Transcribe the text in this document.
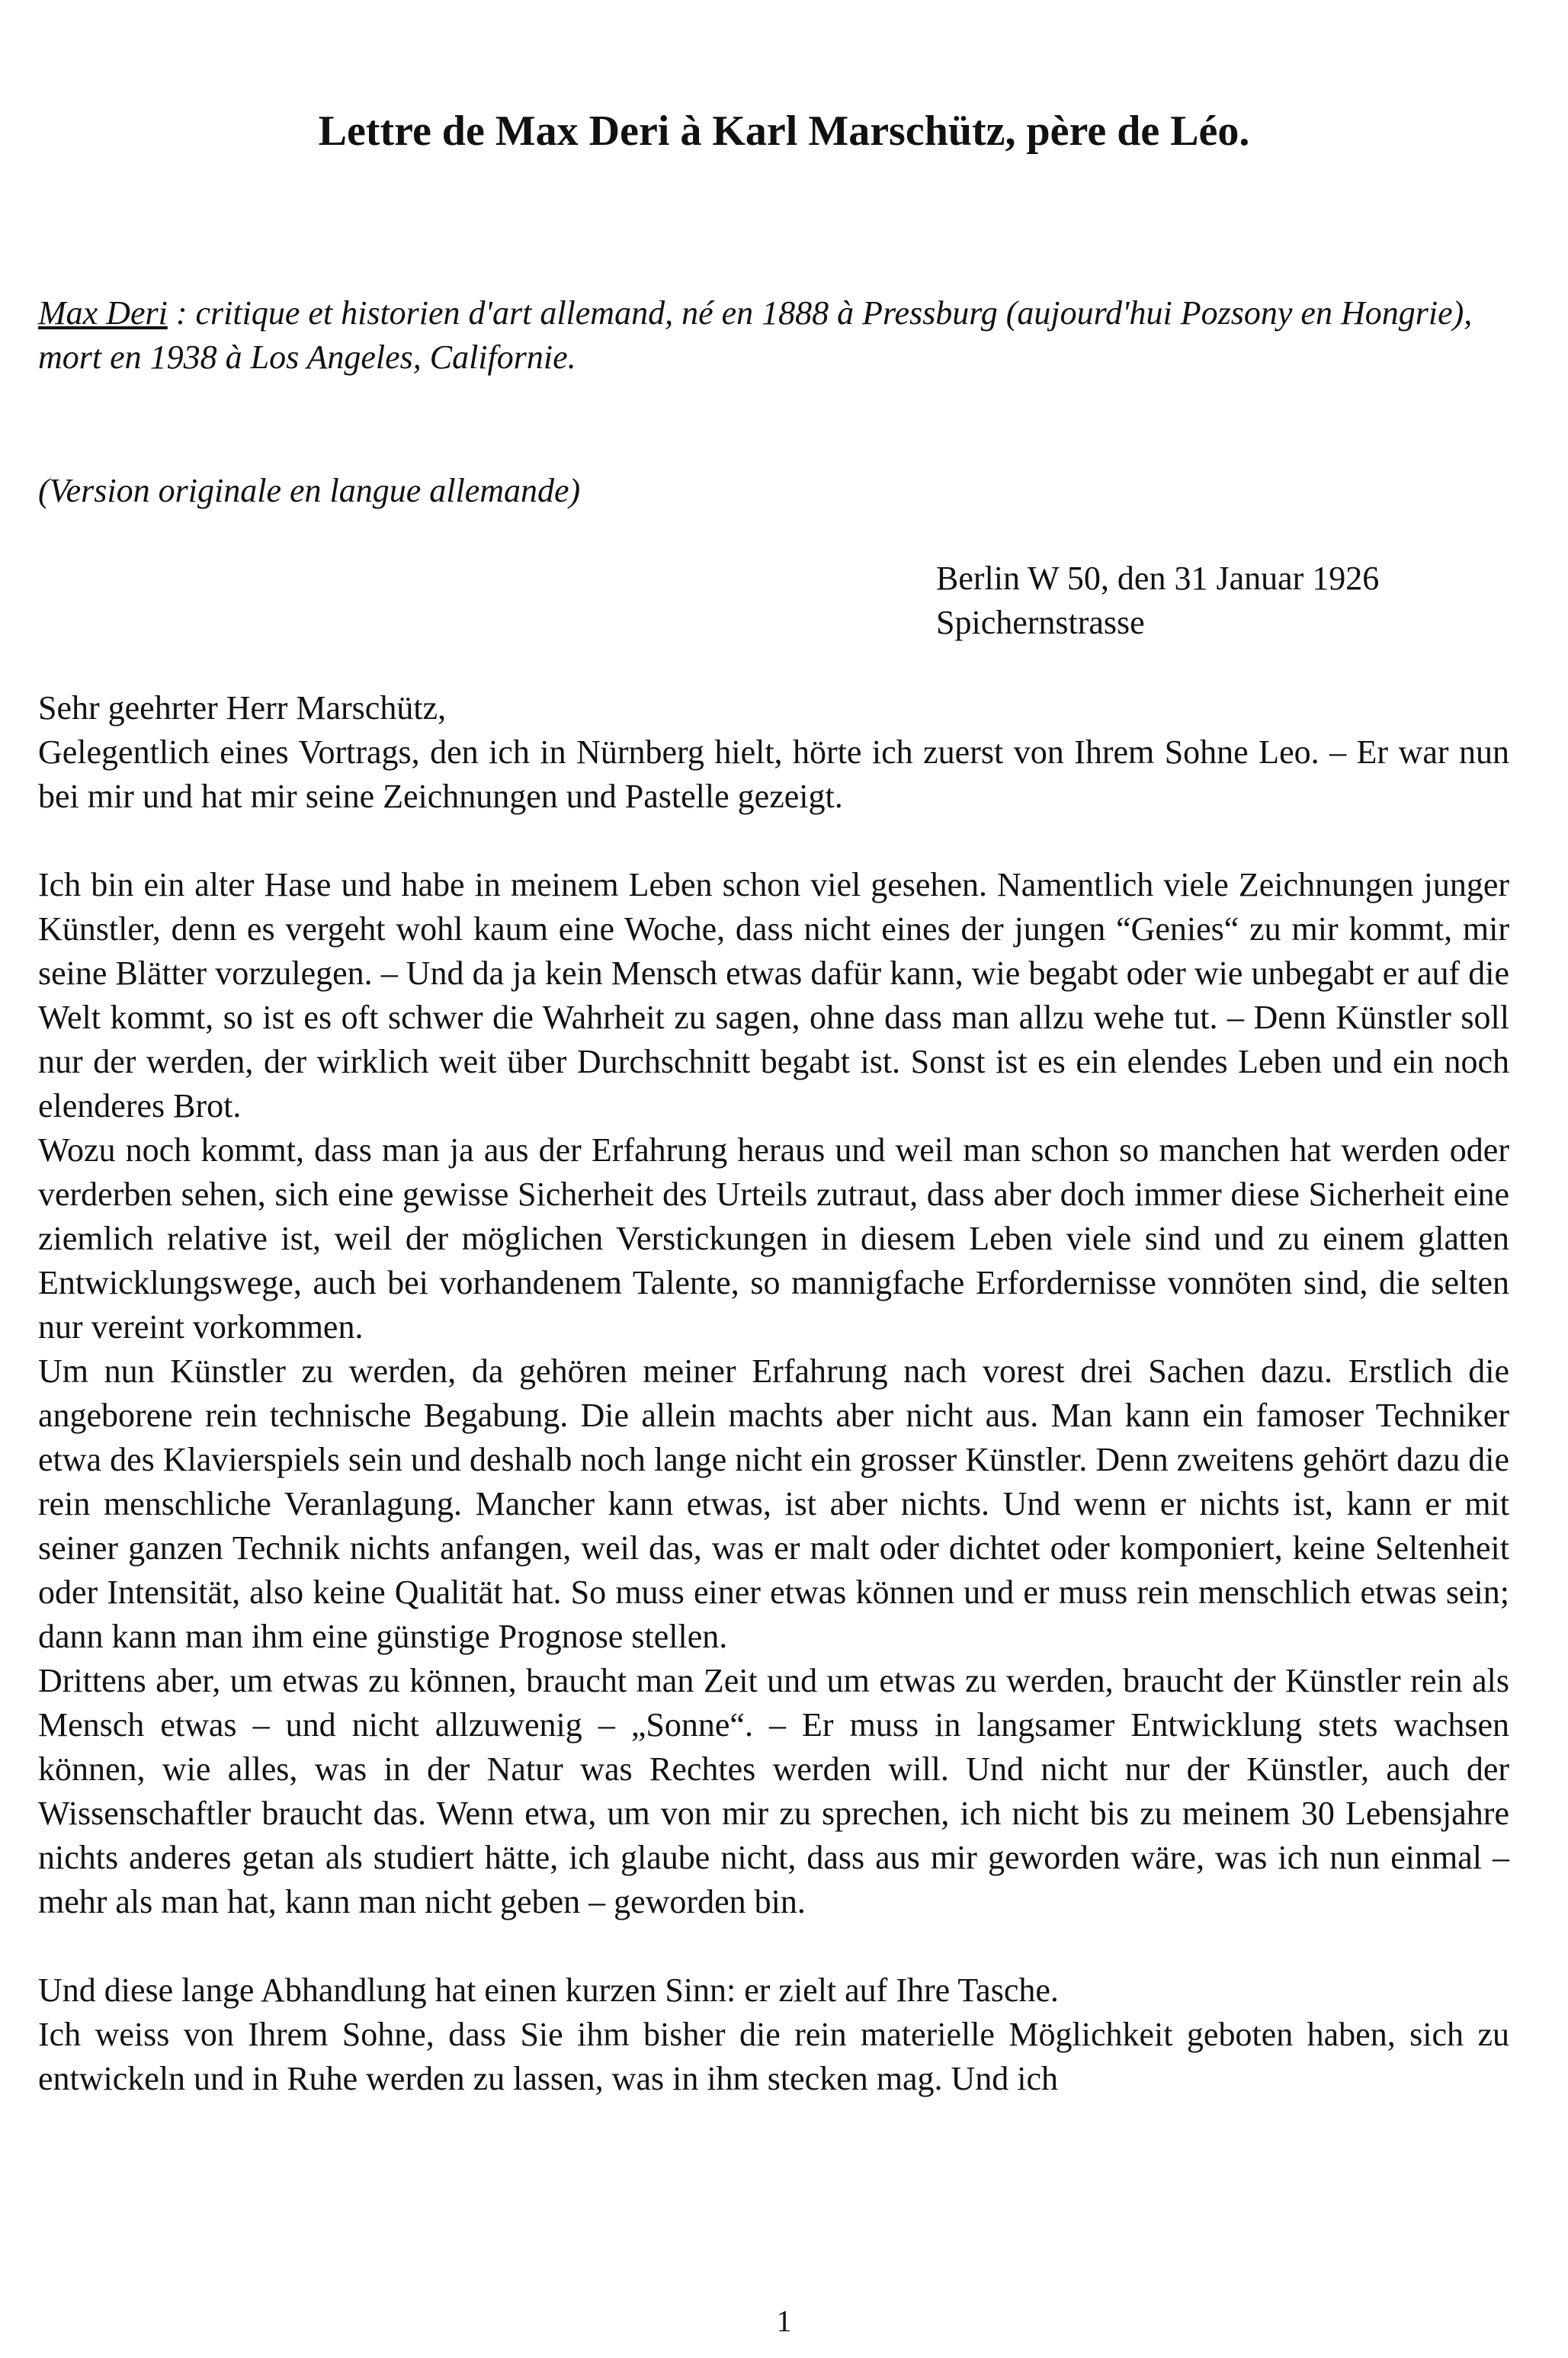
Lettre de Max Deri à Karl Marschütz, père de Léo.

Max Deri : critique et historien d'art allemand, né en 1888 à Pressburg (aujourd'hui Pozsony en Hongrie), mort en 1938 à Los Angeles, Californie.

(Version originale en langue allemande)

Berlin W 50, den 31 Januar 1926
Spichernstrasse

Sehr geehrter Herr Marschütz,

Gelegentlich eines Vortrags, den ich in Nürnberg hielt, hörte ich zuerst von Ihrem Sohne Leo. – Er war nun bei mir und hat mir seine Zeichnungen und Pastelle gezeigt.

Ich bin ein alter Hase und habe in meinem Leben schon viel gesehen. Namentlich viele Zeichnungen junger Künstler, denn es vergeht wohl kaum eine Woche, dass nicht eines der jungen “Genies“ zu mir kommt, mir seine Blätter vorzulegen. – Und da ja kein Mensch etwas dafür kann, wie begabt oder wie unbegabt er auf die Welt kommt, so ist es oft schwer die Wahrheit zu sagen, ohne dass man allzu wehe tut. – Denn Künstler soll nur der werden, der wirklich weit über Durchschnitt begabt ist. Sonst ist es ein elendes Leben und ein noch elenderes Brot.

Wozu noch kommt, dass man ja aus der Erfahrung heraus und weil man schon so manchen hat werden oder verderben sehen, sich eine gewisse Sicherheit des Urteils zutraut, dass aber doch immer diese Sicherheit eine ziemlich relative ist, weil der möglichen Verstickungen in diesem Leben viele sind und zu einem glatten Entwicklungswege, auch bei vorhandenem Talente, so mannigfache Erfordernisse vonnöten sind, die selten nur vereint vorkommen.

Um nun Künstler zu werden, da gehören meiner Erfahrung nach vorest drei Sachen dazu. Erstlich die angeborene rein technische Begabung. Die allein machts aber nicht aus. Man kann ein famoser Techniker etwa des Klavierspiels sein und deshalb noch lange nicht ein grosser Künstler. Denn zweitens gehört dazu die rein menschliche Veranlagung. Mancher kann etwas, ist aber nichts. Und wenn er nichts ist, kann er mit seiner ganzen Technik nichts anfangen, weil das, was er malt oder dichtet oder komponiert, keine Seltenheit oder Intensität, also keine Qualität hat. So muss einer etwas können und er muss rein menschlich etwas sein; dann kann man ihm eine günstige Prognose stellen.

Drittens aber, um etwas zu können, braucht man Zeit und um etwas zu werden, braucht der Künstler rein als Mensch etwas – und nicht allzuwenig – „Sonne“. – Er muss in langsamer Entwicklung stets wachsen können, wie alles, was in der Natur was Rechtes werden will. Und nicht nur der Künstler, auch der Wissenschaftler braucht das. Wenn etwa, um von mir zu sprechen, ich nicht bis zu meinem 30 Lebensjahre nichts anderes getan als studiert hätte, ich glaube nicht, dass aus mir geworden wäre, was ich nun einmal – mehr als man hat, kann man nicht geben – geworden bin.

Und diese lange Abhandlung hat einen kurzen Sinn: er zielt auf Ihre Tasche.

Ich weiss von Ihrem Sohne, dass Sie ihm bisher die rein materielle Möglichkeit geboten haben, sich zu entwickeln und in Ruhe werden zu lassen, was in ihm stecken mag. Und ich

1
